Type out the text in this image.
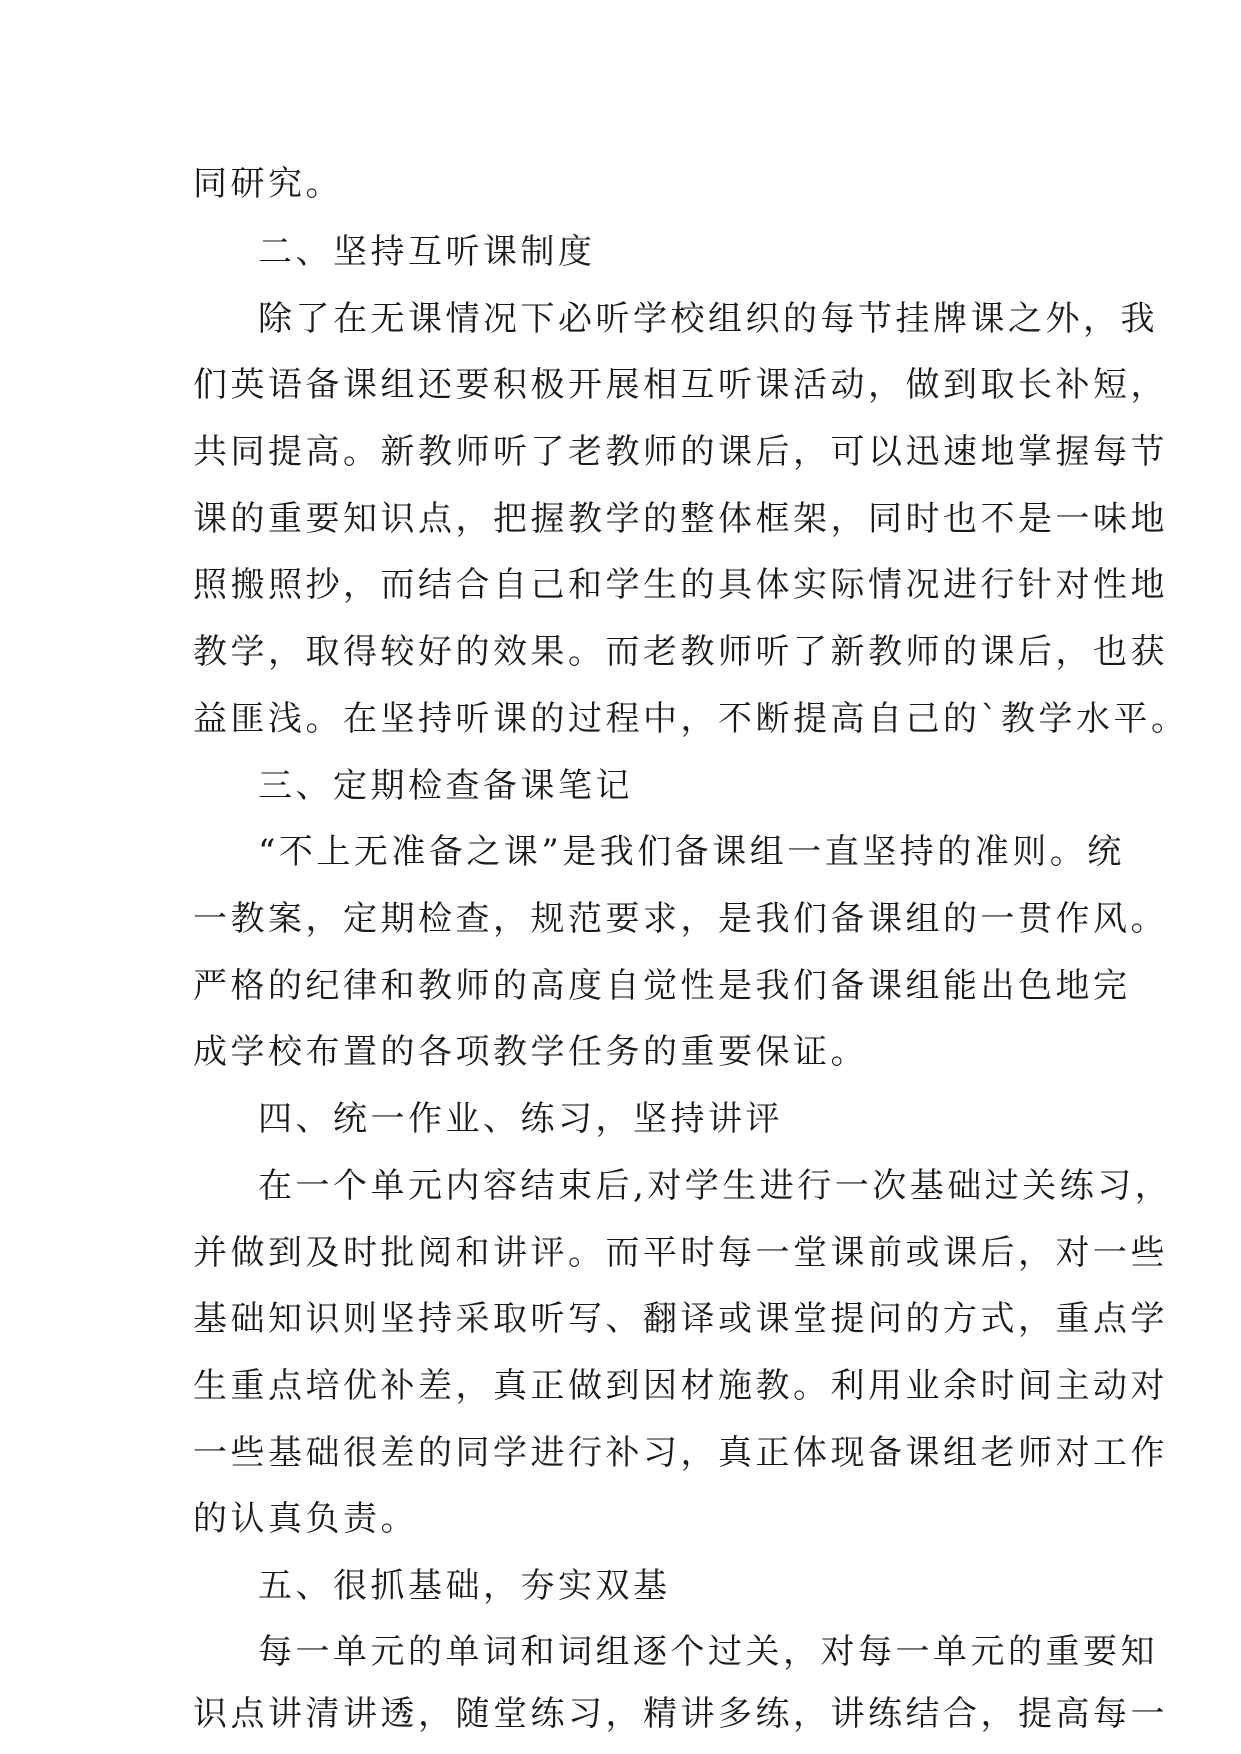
同研究。
二、坚持互听课制度
除了在无课情况下必听学校组织的每节挂牌课之外，我
们英语备课组还要积极开展相互听课活动，做到取长补短，
共同提高。新教师听了老教师的课后，可以迅速地掌握每节
课的重要知识点，把握教学的整体框架，同时也不是一味地
照搬照抄，而结合自己和学生的具体实际情况进行针对性地
教学，取得较好的效果。而老教师听了新教师的课后，也获
益匪浅。在坚持听课的过程中，不断提高自己的`教学水平。
三、定期检查备课笔记
“不上无准备之课”是我们备课组一直坚持的准则。统
一教案，定期检查，规范要求，是我们备课组的一贯作风。
严格的纪律和教师的高度自觉性是我们备课组能出色地完
成学校布置的各项教学任务的重要保证。
四、统一作业、练习，坚持讲评
在一个单元内容结束后,对学生进行一次基础过关练习，
并做到及时批阅和讲评。而平时每一堂课前或课后，对一些
基础知识则坚持采取听写、翻译或课堂提问的方式，重点学
生重点培优补差，真正做到因材施教。利用业余时间主动对
一些基础很差的同学进行补习，真正体现备课组老师对工作
的认真负责。
五、很抓基础，夯实双基
每一单元的单词和词组逐个过关，对每一单元的重要知
识点讲清讲透，随堂练习，精讲多练，讲练结合，提高每一
